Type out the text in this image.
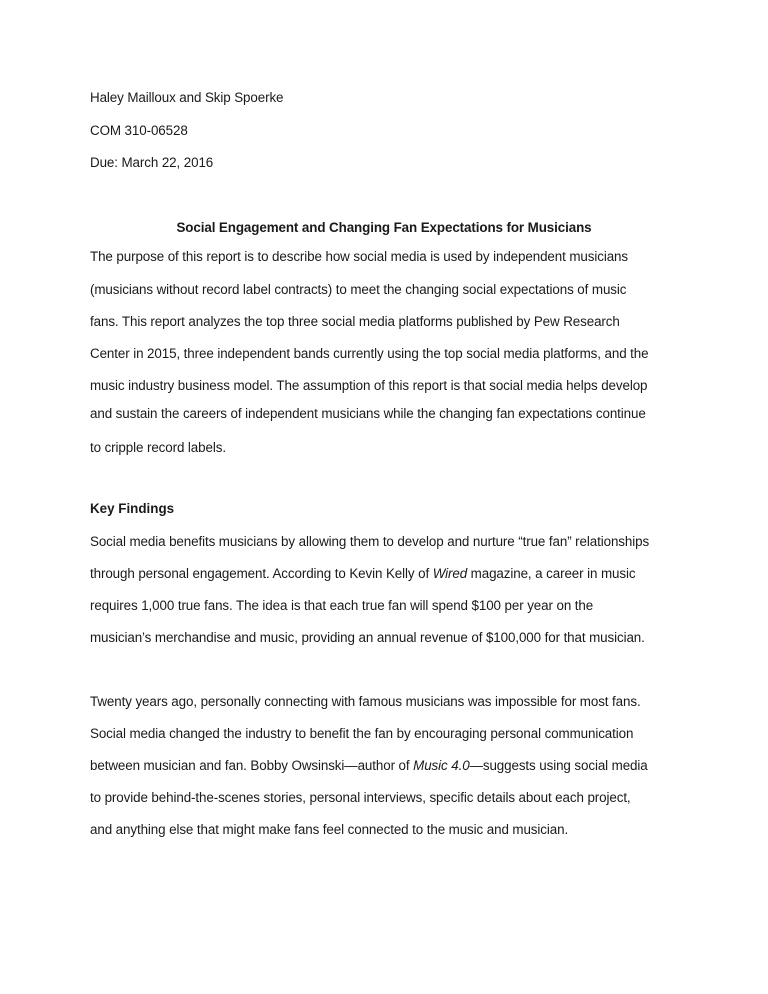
Haley Mailloux and Skip Spoerke
COM 310-06528
Due: March 22, 2016
Social Engagement and Changing Fan Expectations for Musicians
The purpose of this report is to describe how social media is used by independent musicians
(musicians without record label contracts) to meet the changing social expectations of music
fans. This report analyzes the top three social media platforms published by Pew Research
Center in 2015, three independent bands currently using the top social media platforms, and the
music industry business model. The assumption of this report is that social media helps develop
and sustain the careers of independent musicians while the changing fan expectations continue
to cripple record labels.
Key Findings
Social media benefits musicians by allowing them to develop and nurture “true fan” relationships
through personal engagement. According to Kevin Kelly of Wired magazine, a career in music
requires 1,000 true fans. The idea is that each true fan will spend $100 per year on the
musician’s merchandise and music, providing an annual revenue of $100,000 for that musician.
Twenty years ago, personally connecting with famous musicians was impossible for most fans.
Social media changed the industry to benefit the fan by encouraging personal communication
between musician and fan. Bobby Owsinski—author of Music 4.0—suggests using social media
to provide behind-the-scenes stories, personal interviews, specific details about each project,
and anything else that might make fans feel connected to the music and musician.
